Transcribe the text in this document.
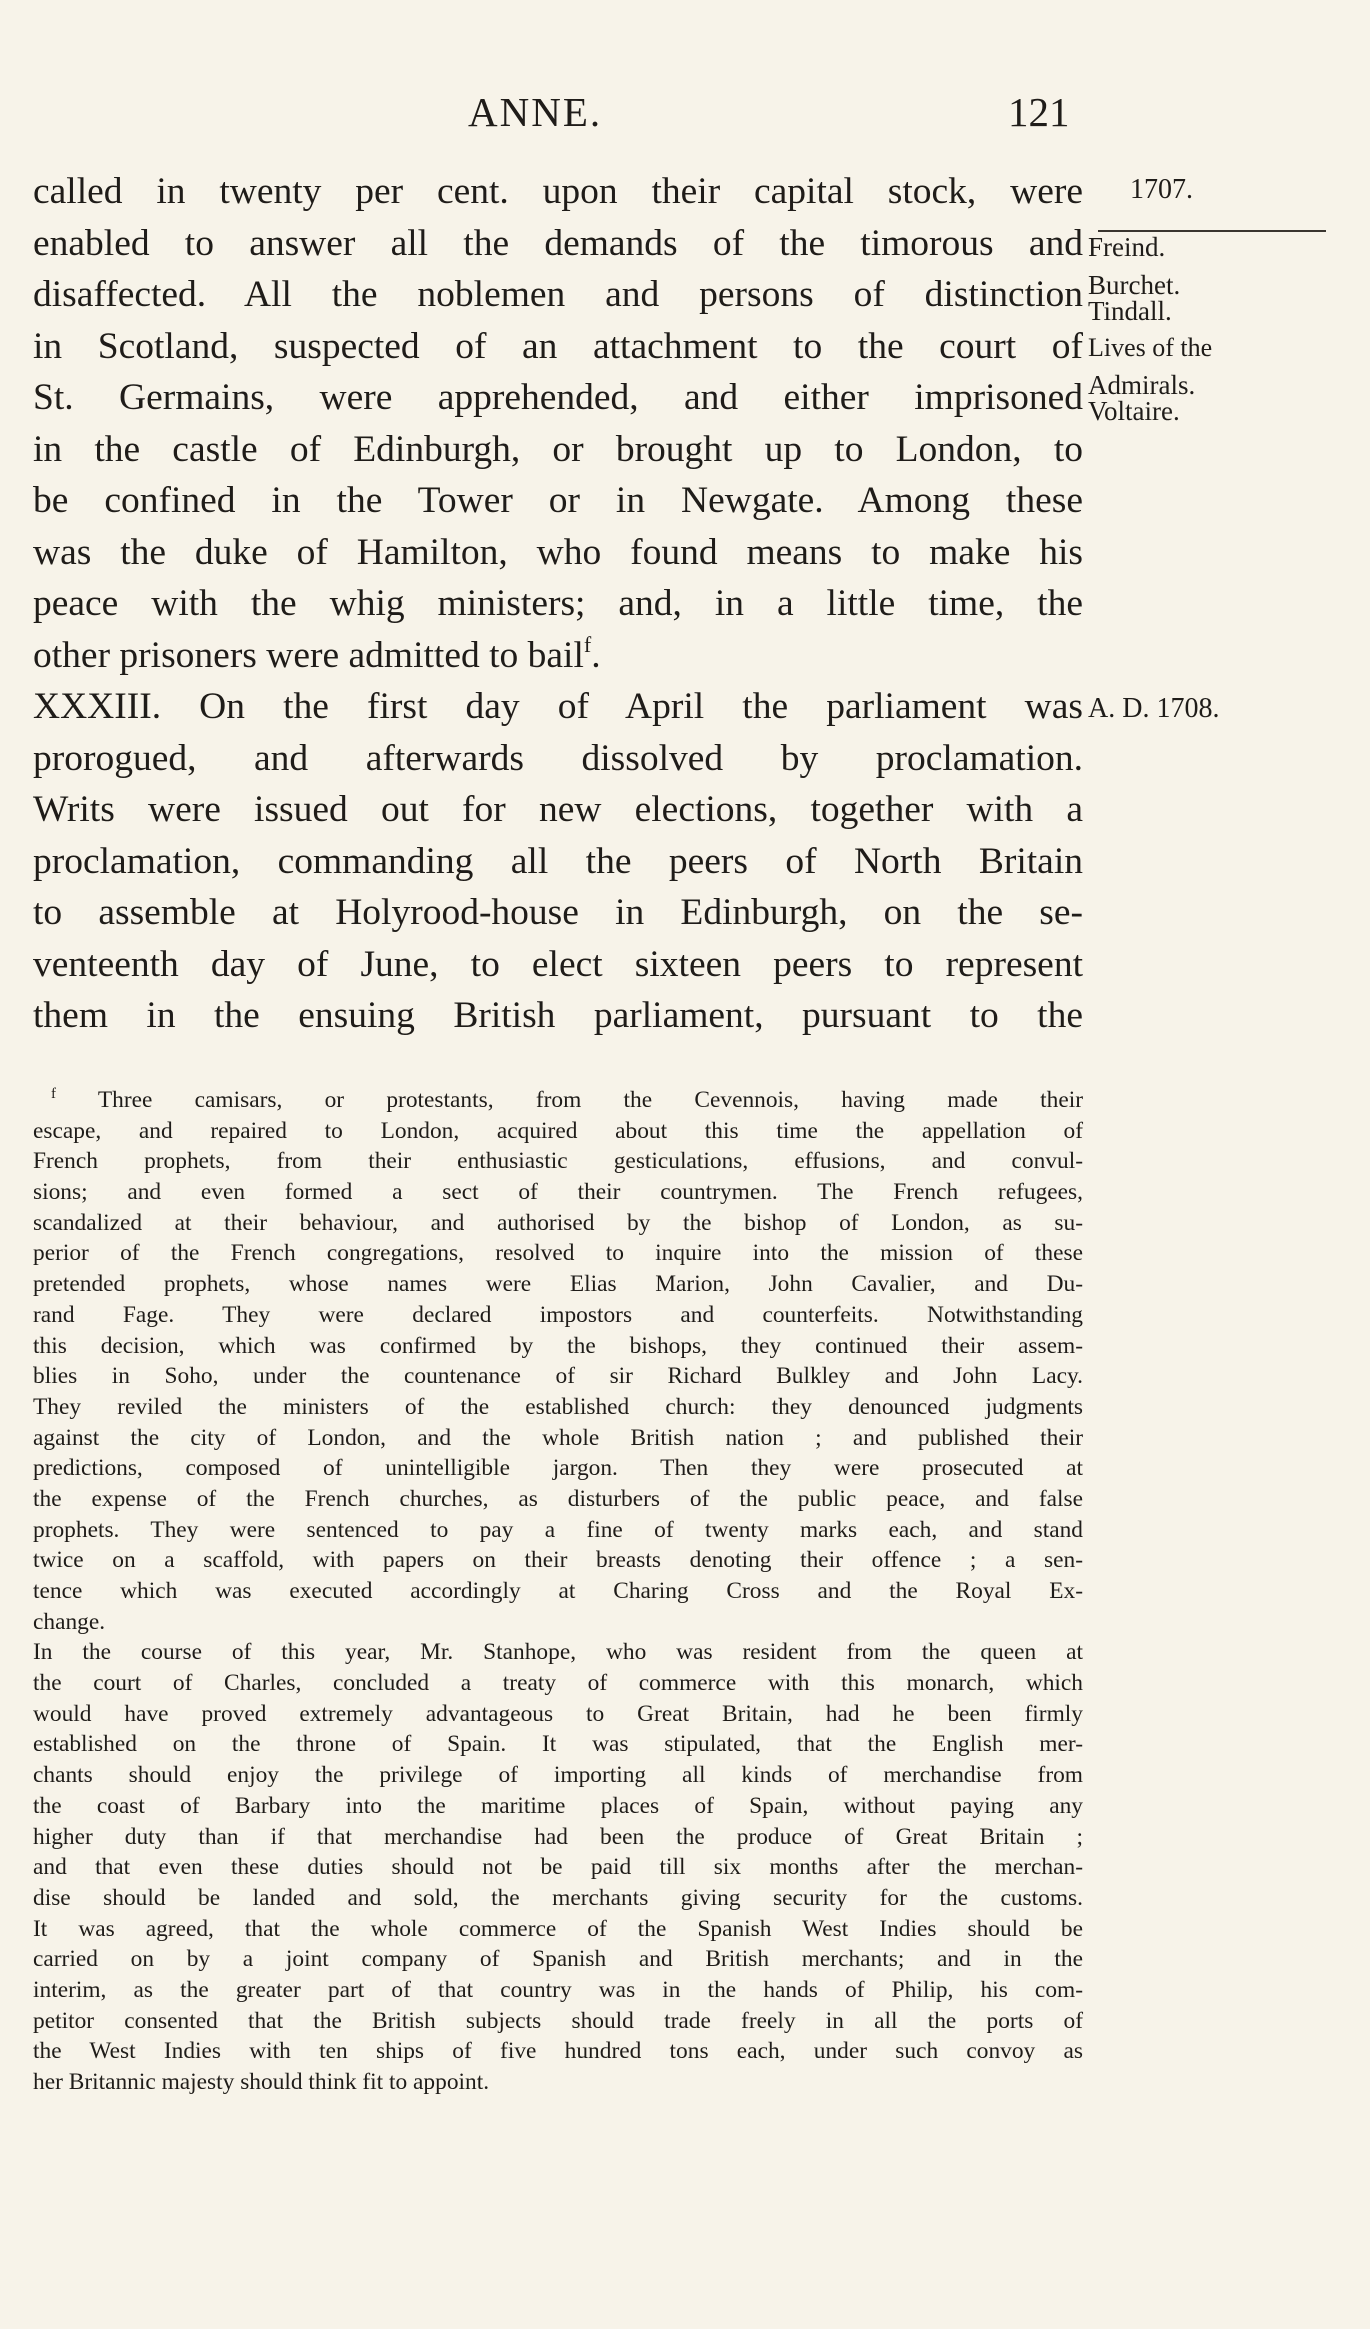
ANNE.	121
called in twenty per cent. upon their capital stock, were
enabled to answer all the demands of the timorous and
disaffected. All the noblemen and persons of distinction
in Scotland, suspected of an attachment to the court of
St. Germains, were apprehended, and either imprisoned
in the castle of Edinburgh, or brought up to London, to
be confined in the Tower or in Newgate. Among these
was the duke of Hamilton, who found means to make his
peace with the whig ministers; and, in a little time, the
other prisoners were admitted to bail$^f$.
XXXIII. On the first day of April the parliament was
prorogued, and afterwards dissolved by proclamation.
Writs were issued out for new elections, together with a
proclamation, commanding all the peers of North Britain
to assemble at Holyrood-house in Edinburgh, on the se-
venteenth day of June, to elect sixteen peers to represent
them in the ensuing British parliament, pursuant to the
1707.
Freind.
Burchet.
Tindall.
Lives of the
Admirals.
Voltaire.
A. D. 1708.
$^f$ Three camisars, or protestants, from the Cevennois, having made their
escape, and repaired to London, acquired about this time the appellation of
French prophets, from their enthusiastic gesticulations, effusions, and convul-
sions; and even formed a sect of their countrymen. The French refugees,
scandalized at their behaviour, and authorised by the bishop of London, as su-
perior of the French congregations, resolved to inquire into the mission of these
pretended prophets, whose names were Elias Marion, John Cavalier, and Du-
rand Fage. They were declared impostors and counterfeits. Notwithstanding
this decision, which was confirmed by the bishops, they continued their assem-
blies in Soho, under the countenance of sir Richard Bulkley and John Lacy.
They reviled the ministers of the established church: they denounced judgments
against the city of London, and the whole British nation ; and published their
predictions, composed of unintelligible jargon. Then they were prosecuted at
the expense of the French churches, as disturbers of the public peace, and false
prophets. They were sentenced to pay a fine of twenty marks each, and stand
twice on a scaffold, with papers on their breasts denoting their offence ; a sen-
tence which was executed accordingly at Charing Cross and the Royal Ex-
change.
In the course of this year, Mr. Stanhope, who was resident from the queen at
the court of Charles, concluded a treaty of commerce with this monarch, which
would have proved extremely advantageous to Great Britain, had he been firmly
established on the throne of Spain. It was stipulated, that the English mer-
chants should enjoy the privilege of importing all kinds of merchandise from
the coast of Barbary into the maritime places of Spain, without paying any
higher duty than if that merchandise had been the produce of Great Britain ;
and that even these duties should not be paid till six months after the merchan-
dise should be landed and sold, the merchants giving security for the customs.
It was agreed, that the whole commerce of the Spanish West Indies should be
carried on by a joint company of Spanish and British merchants; and in the
interim, as the greater part of that country was in the hands of Philip, his com-
petitor consented that the British subjects should trade freely in all the ports of
the West Indies with ten ships of five hundred tons each, under such convoy as
her Britannic majesty should think fit to appoint.
